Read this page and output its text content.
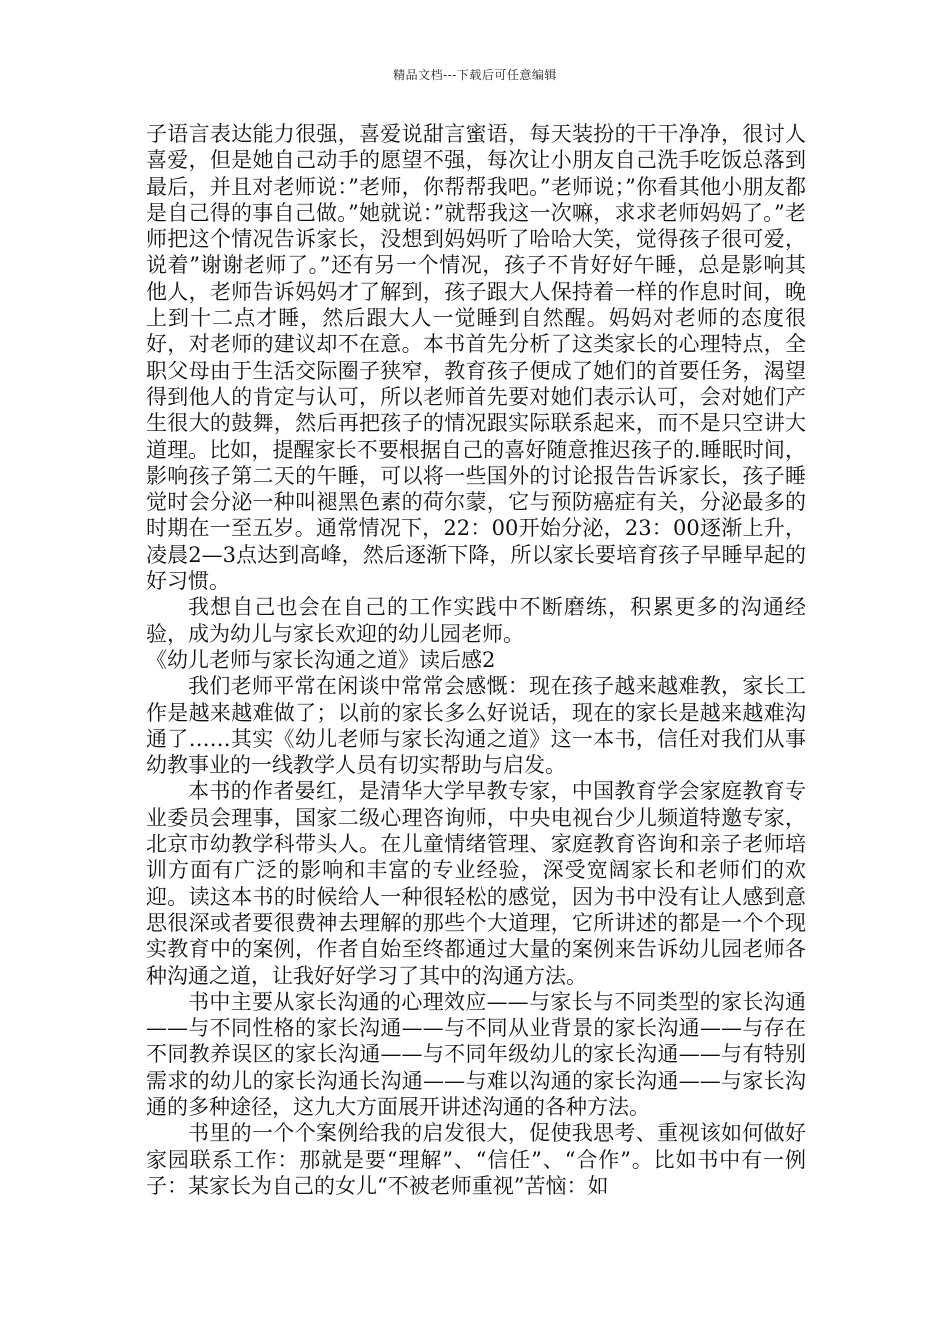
精品文档---下载后可任意编辑

子语言表达能力很强，喜爱说甜言蜜语，每天装扮的干干净净，很讨人喜爱，但是她自己动手的愿望不强，每次让小朋友自己洗手吃饭总落到最后，并且对老师说：”老师，你帮帮我吧。”老师说；”你看其他小朋友都是自己得的事自己做。”她就说：”就帮我这一次嘛，求求老师妈妈了。”老师把这个情况告诉家长，没想到妈妈听了哈哈大笑，觉得孩子很可爱，说着”谢谢老师了。”还有另一个情况，孩子不肯好好午睡，总是影响其他人，老师告诉妈妈才了解到，孩子跟大人保持着一样的作息时间，晚上到十二点才睡，然后跟大人一觉睡到自然醒。妈妈对老师的态度很好，对老师的建议却不在意。本书首先分析了这类家长的心理特点，全职父母由于生活交际圈子狭窄，教育孩子便成了她们的首要任务，渴望得到他人的肯定与认可，所以老师首先要对她们表示认可，会对她们产生很大的鼓舞，然后再把孩子的情况跟实际联系起来，而不是只空讲大道理。比如，提醒家长不要根据自己的喜好随意推迟孩子的.睡眠时间，影响孩子第二天的午睡，可以将一些国外的讨论报告告诉家长，孩子睡觉时会分泌一种叫褪黑色素的荷尔蒙，它与预防癌症有关，分泌最多的时期在一至五岁。通常情况下，22：00开始分泌，23：00逐渐上升，凌晨2—3点达到高峰，然后逐渐下降，所以家长要培育孩子早睡早起的好习惯。

我想自己也会在自己的工作实践中不断磨练，积累更多的沟通经验，成为幼儿与家长欢迎的幼儿园老师。

《幼儿老师与家长沟通之道》读后感2

我们老师平常在闲谈中常常会感慨：现在孩子越来越难教，家长工作是越来越难做了；以前的家长多么好说话，现在的家长是越来越难沟通了……其实《幼儿老师与家长沟通之道》这一本书，信任对我们从事幼教事业的一线教学人员有切实帮助与启发。

本书的作者晏红，是清华大学早教专家，中国教育学会家庭教育专业委员会理事，国家二级心理咨询师，中央电视台少儿频道特邀专家，北京市幼教学科带头人。在儿童情绪管理、家庭教育咨询和亲子老师培训方面有广泛的影响和丰富的专业经验，深受宽阔家长和老师们的欢迎。读这本书的时候给人一种很轻松的感觉，因为书中没有让人感到意思很深或者要很费神去理解的那些个大道理，它所讲述的都是一个个现实教育中的案例，作者自始至终都通过大量的案例来告诉幼儿园老师各种沟通之道，让我好好学习了其中的沟通方法。

书中主要从家长沟通的心理效应——与家长与不同类型的家长沟通——与不同性格的家长沟通——与不同从业背景的家长沟通——与存在不同教养误区的家长沟通——与不同年级幼儿的家长沟通——与有特别需求的幼儿的家长沟通长沟通——与难以沟通的家长沟通——与家长沟通的多种途径，这九大方面展开讲述沟通的各种方法。

书里的一个个案例给我的启发很大，促使我思考、重视该如何做好家园联系工作：那就是要“理解”、“信任”、“合作”。比如书中有一例子：某家长为自己的女儿“不被老师重视”苦恼：如
